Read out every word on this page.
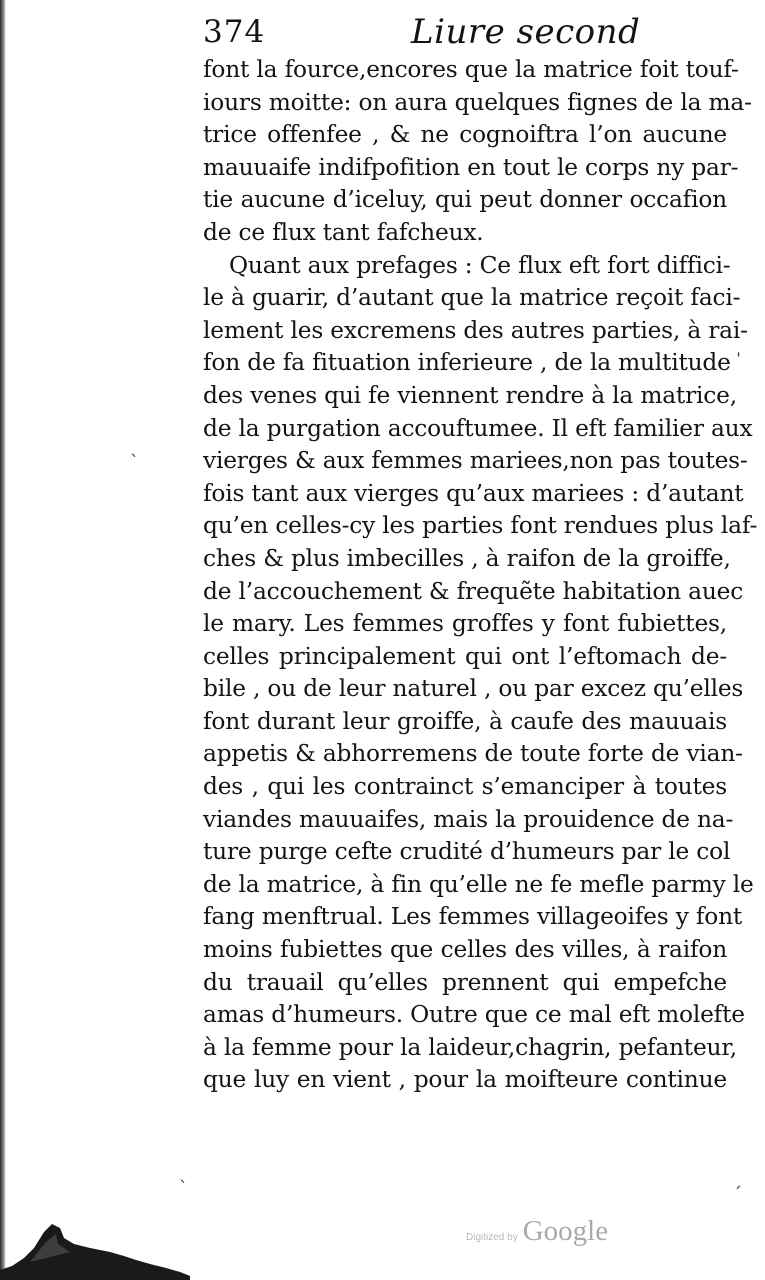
374	Liure second
font la fource,encores que la matrice foit touf-
iours moitte: on aura quelques fignes de la ma-
trice offenfee , & ne cognoiftra l’on aucune
mauuaife indifpofition en tout le corps ny par-
tie aucune d’iceluy, qui peut donner occafion
de ce flux tant fafcheux.
Quant aux prefages : Ce flux eft fort diffici-
le à guarir, d’autant que la matrice reçoit faci-
lement les excremens des autres parties, à rai-
fon de fa fituation inferieure , de la multitude
des venes qui fe viennent rendre à la matrice,
de la purgation accouftumee. Il eft familier aux
vierges & aux femmes mariees,non pas toutes-
fois tant aux vierges qu’aux mariees : d’autant
qu’en celles-cy les parties font rendues plus laf-
ches & plus imbecilles , à raifon de la groiffe,
de l’accouchement & frequẽte habitation auec
le mary. Les femmes groffes y font fubiettes,
celles principalement qui ont l’eftomach de-
bile , ou de leur naturel , ou par excez qu’elles
font durant leur groiffe, à caufe des mauuais
appetis & abhorremens de toute forte de vian-
des , qui les contrainct s’emanciper à toutes
viandes mauuaifes, mais la prouidence de na-
ture purge cefte crudité d’humeurs par le col
de la matrice, à fin qu’elle ne fe mefle parmy le
fang menftrual. Les femmes villageoifes y font
moins fubiettes que celles des villes, à raifon
du trauail qu’elles prennent qui empefche
amas d’humeurs. Outre que ce mal eft molefte
à la femme pour la laideur,chagrin, pefanteur,
que luy en vient , pour la moifteure continue
ˈ
ˋ
ˋ	ˊ
Digitized by Google
